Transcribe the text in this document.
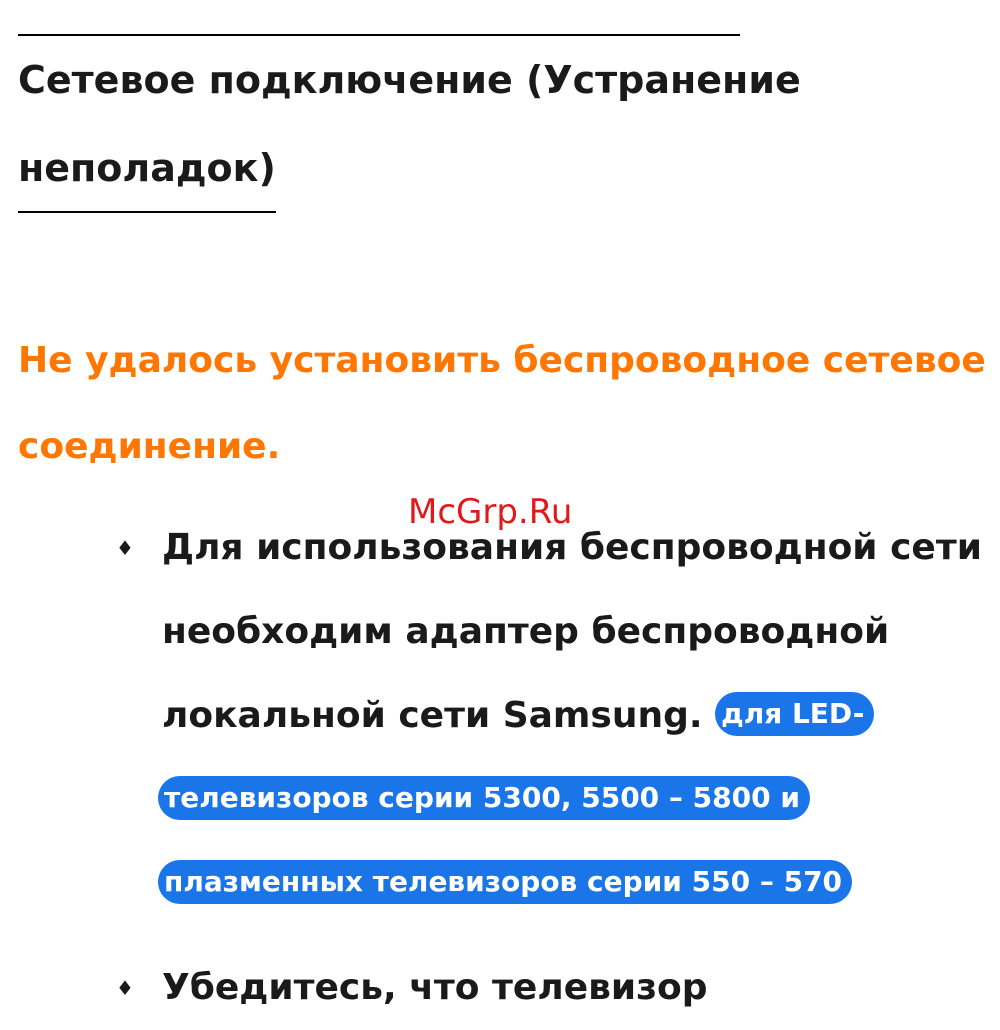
Сетевое подключение (Устранение
неполадок)
Не удалось установить беспроводное сетевое
соединение.
McGrp.Ru
♦ Для использования беспроводной сети
необходим адаптер беспроводной
локальной сети Samsung. для LED-
телевизоров серии 5300, 5500 – 5800 и
плазменных телевизоров серии 550 – 570
♦ Убедитесь, что телевизор
